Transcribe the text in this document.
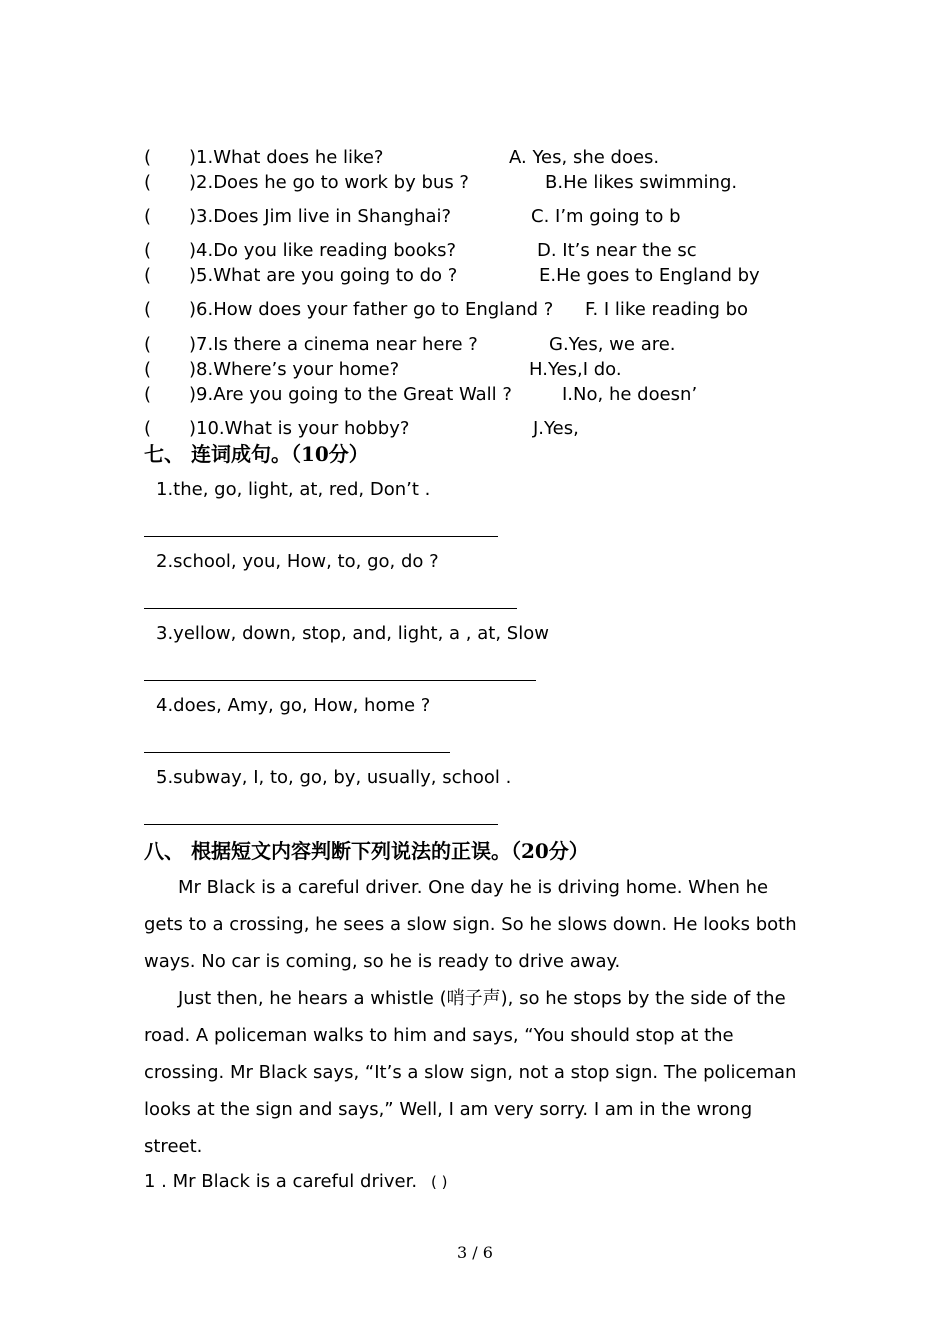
( )1.What does he like?	A. Yes, she does.
( )2.Does he go to work by bus ?	B.He likes swimming.
( )3.Does Jim live in Shanghai?	C. I’m going to b
( )4.Do you like reading books?	D. It’s near the sc
( )5.What are you going to do ?	E.He goes to England by
( )6.How does your father go to England ? F. I like reading bo
( )7.Is there a cinema near here ?	G.Yes, we are.
( )8.Where’s your home?	H.Yes,I do.
( )9.Are you going to the Great Wall ?	I.No, he doesn’
( )10.What is your hobby?	J.Yes,
七、 连词成句。（10分）
1.the, go, light, at, red, Don’t .
2.school, you, How, to, go, do ?
3.yellow, down, stop, and, light, a , at, Slow
4.does, Amy, go, How, home ?
5.subway, I, to, go, by, usually, school .
八、 根据短文内容判断下列说法的正误。（20分）

Mr Black is a careful driver. One day he is driving home. When he gets to a crossing, he sees a slow sign. So he slows down. He looks both ways. No car is coming, so he is ready to drive away.

Just then, he hears a whistle (哨子声), so he stops by the side of the road. A policeman walks to him and says, “You should stop at the crossing. Mr Black says, “It’s a slow sign, not a stop sign. The policeman looks at the sign and says,” Well, I am very sorry. I am in the wrong street.

1 . Mr Black is a careful driver. ( )
3 / 6
